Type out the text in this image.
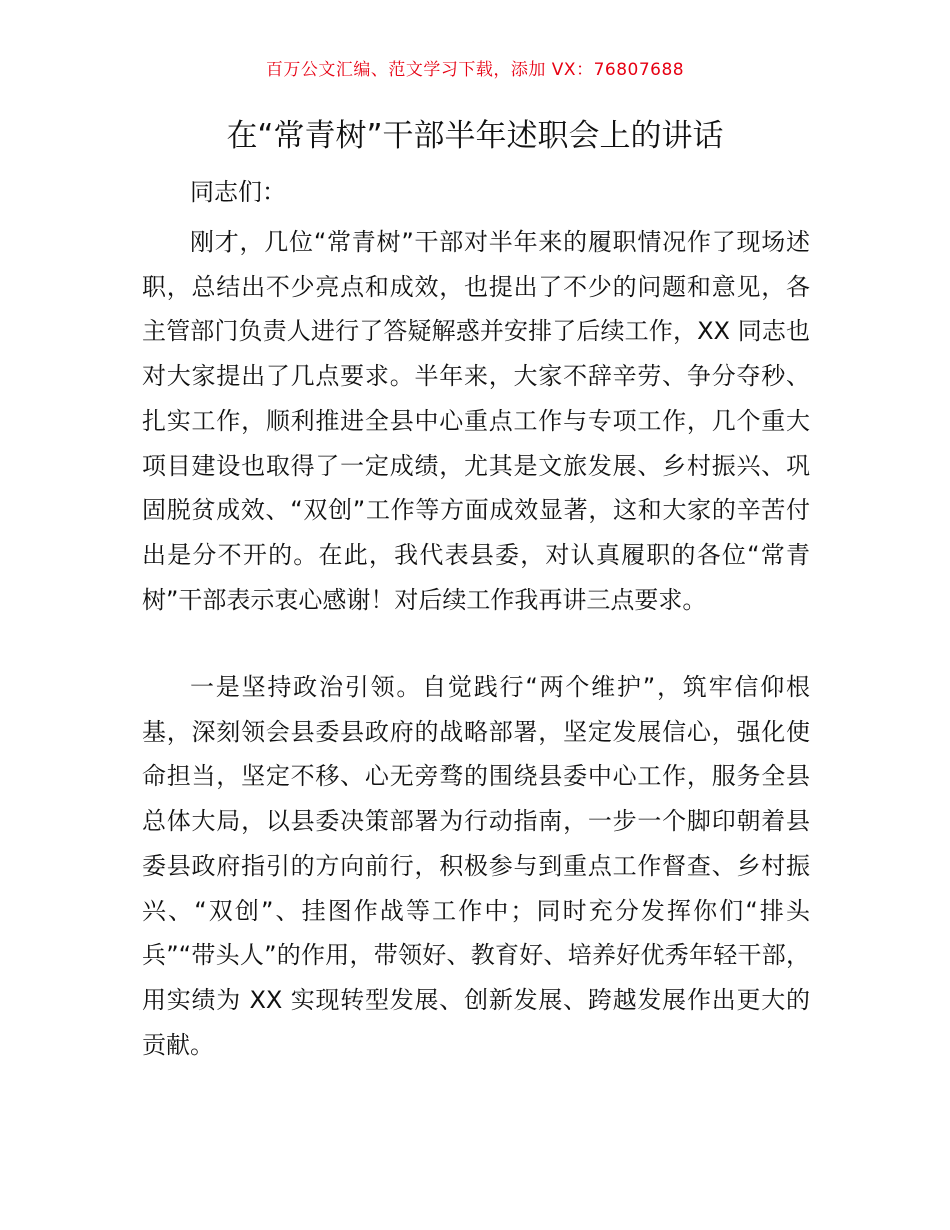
百万公文汇编、范文学习下载，添加 VX：76807688
在“常青树”干部半年述职会上的讲话

同志们：

刚才，几位“常青树”干部对半年来的履职情况作了现场述职，总结出不少亮点和成效，也提出了不少的问题和意见，各主管部门负责人进行了答疑解惑并安排了后续工作，XX 同志也对大家提出了几点要求。半年来，大家不辞辛劳、争分夺秒、扎实工作，顺利推进全县中心重点工作与专项工作，几个重大项目建设也取得了一定成绩，尤其是文旅发展、乡村振兴、巩固脱贫成效、“双创”工作等方面成效显著，这和大家的辛苦付出是分不开的。在此，我代表县委，对认真履职的各位“常青树”干部表示衷心感谢！对后续工作我再讲三点要求。

一是坚持政治引领。自觉践行“两个维护”，筑牢信仰根基，深刻领会县委县政府的战略部署，坚定发展信心，强化使命担当，坚定不移、心无旁骛的围绕县委中心工作，服务全县总体大局，以县委决策部署为行动指南，一步一个脚印朝着县委县政府指引的方向前行，积极参与到重点工作督查、乡村振兴、“双创”、挂图作战等工作中；同时充分发挥你们“排头兵”“带头人”的作用，带领好、教育好、培养好优秀年轻干部，用实绩为 XX 实现转型发展、创新发展、跨越发展作出更大的贡献。
